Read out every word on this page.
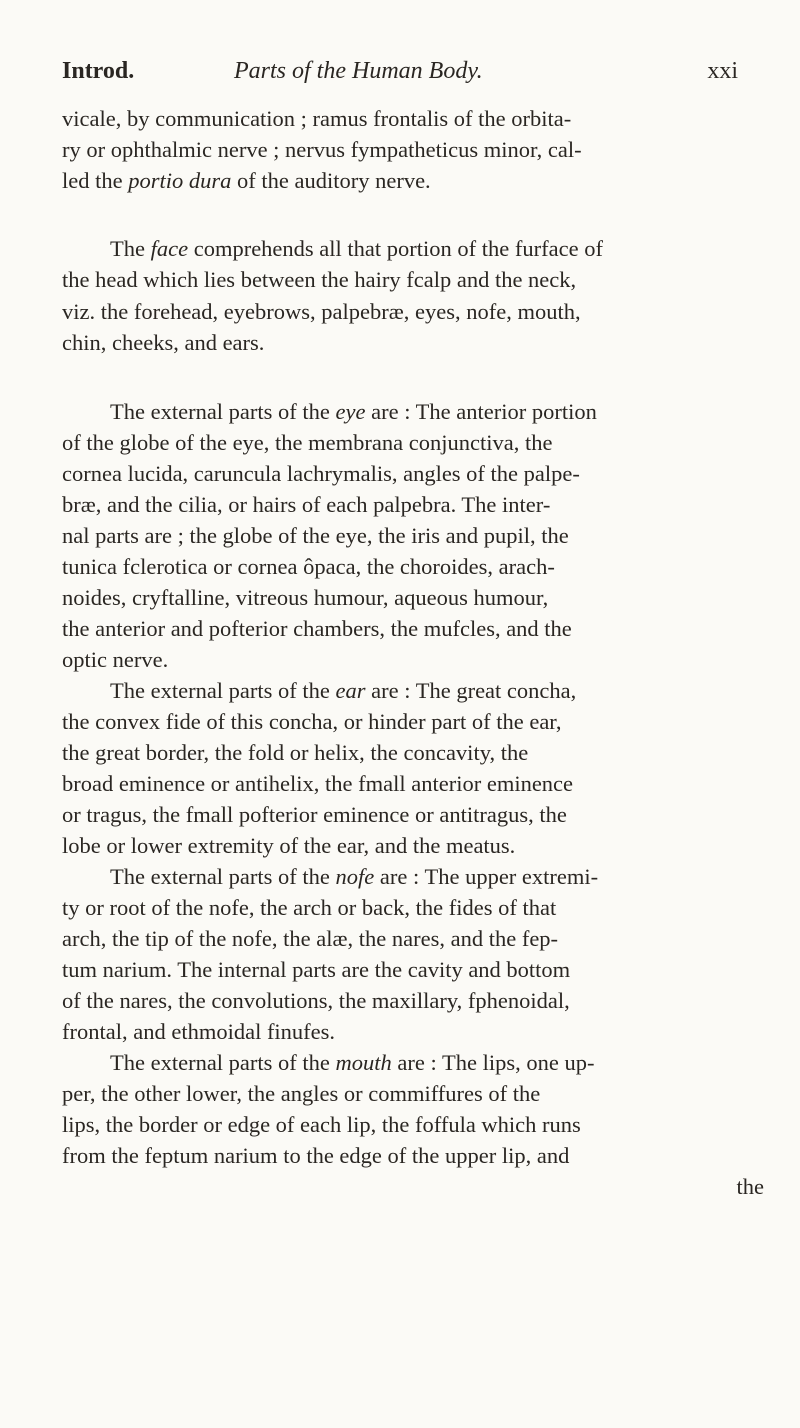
Introd.	Parts of the Human Body.	xxi
vicale, by communication ; ramus frontalis of the orbita-
ry or ophthalmic nerve ; nervus fympatheticus minor, cal-
led the portio dura of the auditory nerve.
The face comprehends all that portion of the furface of
the head which lies between the hairy fcalp and the neck,
viz. the forehead, eyebrows, palpebræ, eyes, nofe, mouth,
chin, cheeks, and ears.
The external parts of the eye are : The anterior portion
of the globe of the eye, the membrana conjunctiva, the
cornea lucida, caruncula lachrymalis, angles of the palpe-
bræ, and the cilia, or hairs of each palpebra. The inter-
nal parts are ; the globe of the eye, the iris and pupil, the
tunica fclerotica or cornea ôpaca, the choroides, arach-
noides, cryftalline, vitreous humour, aqueous humour,
the anterior and pofterior chambers, the mufcles, and the
optic nerve.
The external parts of the ear are : The great concha,
the convex fide of this concha, or hinder part of the ear,
the great border, the fold or helix, the concavity, the
broad eminence or antihelix, the fmall anterior eminence
or tragus, the fmall pofterior eminence or antitragus, the
lobe or lower extremity of the ear, and the meatus.
The external parts of the nofe are : The upper extremi-
ty or root of the nofe, the arch or back, the fides of that
arch, the tip of the nofe, the alæ, the nares, and the fep-
tum narium. The internal parts are the cavity and bottom
of the nares, the convolutions, the maxillary, fphenoidal,
frontal, and ethmoidal finufes.
The external parts of the mouth are : The lips, one up-
per, the other lower, the angles or commiffures of the
lips, the border or edge of each lip, the foffula which runs
from the feptum narium to the edge of the upper lip, and
the
